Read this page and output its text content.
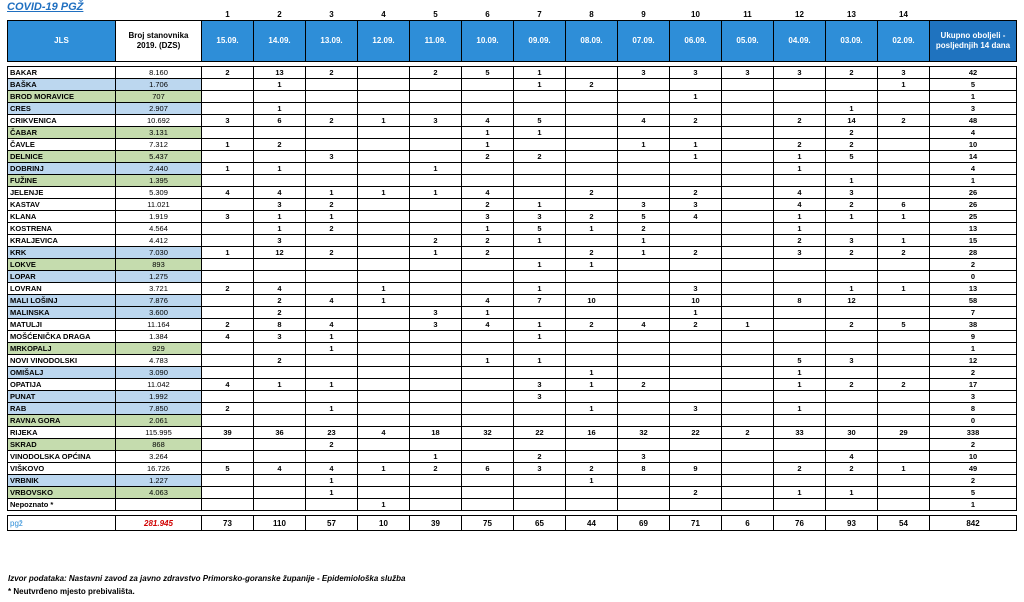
COVID-19 PGŽ
		1	2	3	4	5	6	7	8	9	10	11	12	13	14	
JLS	Broj stanovnika 2019. (DZS)	15.09.	14.09.	13.09.	12.09.	11.09.	10.09.	09.09.	08.09.	07.09.	06.09.	05.09.	04.09.	03.09.	02.09.	Ukupno oboljeli - posljednjih 14 dana

BAKAR	8.160	2	13	2		2	5	1		3	3	3	3	2	3	42
BAŠKA	1.706		1					1	2						1	5
BROD MORAVICE	707										1					1
CRES	2.907		1											1		3
CRIKVENICA	10.692	3	6	2	1	3	4	5		4	2		2	14	2	48
ČABAR	3.131						1	1						2		4
ČAVLE	7.312	1	2				1			1	1		2	2		10
DELNICE	5.437			3			2	2			1		1	5		14
DOBRINJ	2.440	1	1			1							1			4
FUŽINE	1.395													1		1
JELENJE	5.309	4	4	1	1	1	4		2		2		4	3		26
KASTAV	11.021		3	2			2	1		3	3		4	2	6	26
KLANA	1.919	3	1	1			3	3	2	5	4		1	1	1	25
KOSTRENA	4.564		1	2			1	5	1	2			1			13
KRALJEVICA	4.412		3			2	2	1		1			2	3	1	15
KRK	7.030	1	12	2		1	2		2	1	2		3	2	2	28
LOKVE	893							1	1							2
LOPAR	1.275															0
LOVRAN	3.721	2	4		1			1			3			1	1	13
MALI LOŠINJ	7.876		2	4	1		4	7	10		10		8	12		58
MALINSKA	3.600		2			3	1				1					7
MATULJI	11.164	2	8	4		3	4	1	2	4	2	1		2	5	38
MOŠĆENIČKA DRAGA	1.384	4	3	1				1								9
MRKOPALJ	929			1												1
NOVI VINODOLSKI	4.783		2				1	1					5	3		12
OMIŠALJ	3.090								1				1			2
OPATIJA	11.042	4	1	1				3	1	2			1	2	2	17
PUNAT	1.992							3								3
RAB	7.850	2		1					1		3		1			8
RAVNA GORA	2.061															0
RIJEKA	115.995	39	36	23	4	18	32	22	16	32	22	2	33	30	29	338
SKRAD	868			2												2
VINODOLSKA OPĆINA	3.264					1		2		3				4		10
VIŠKOVO	16.726	5	4	4	1	2	6	3	2	8	9		2	2	1	49
VRBNIK	1.227			1					1							2
VRBOVSKO	4.063			1							2		1	1		5
Nepoznato *					1											1

pgž	281.945	73	110	57	10	39	75	65	44	69	71	6	76	93	54	842
Izvor podataka: Nastavni zavod za javno zdravstvo Primorsko-goranske županije - Epidemiološka služba
* Neutvrđeno mjesto prebivališta.
